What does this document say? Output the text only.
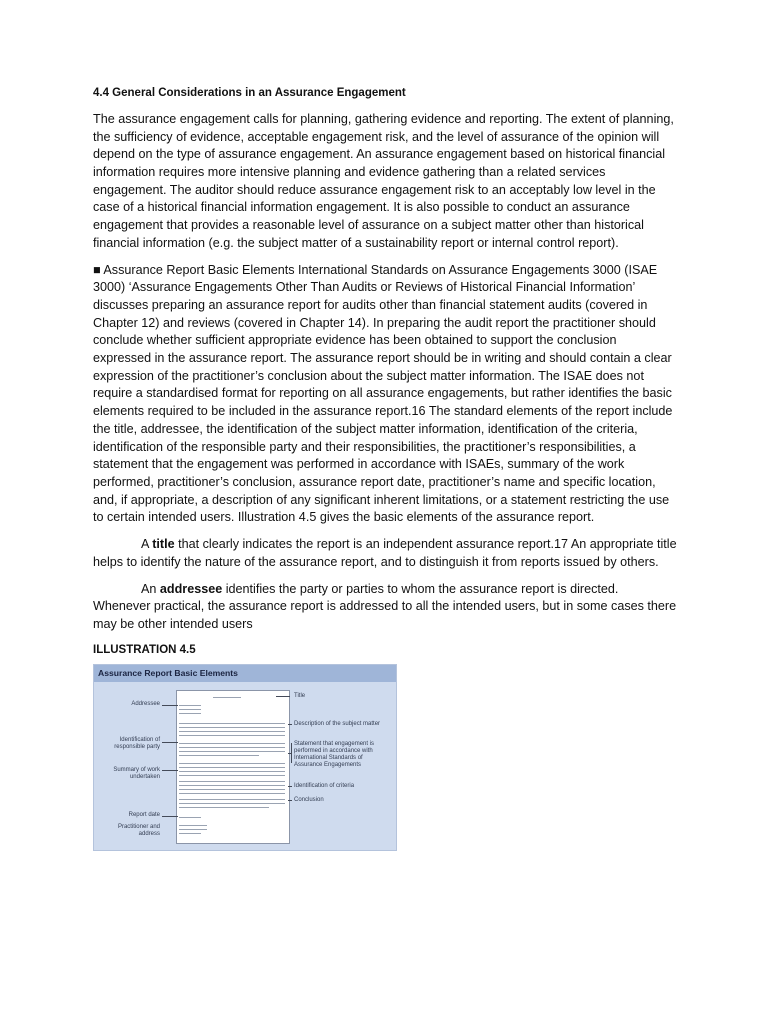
4.4 General Considerations in an Assurance Engagement

The assurance engagement calls for planning, gathering evidence and reporting. The extent of planning, the sufficiency of evidence, acceptable engagement risk, and the level of assurance of the opinion will depend on the type of assurance engagement. An assurance engagement based on historical financial information requires more intensive planning and evidence gathering than a related services engagement. The auditor should reduce assurance engagement risk to an acceptably low level in the case of a historical financial information engagement. It is also possible to conduct an assurance engagement that provides a reasonable level of assurance on a subject matter other than historical financial information (e.g. the subject matter of a sustainability report or internal control report).

■ Assurance Report Basic Elements International Standards on Assurance Engagements 3000 (ISAE 3000) ‘Assurance Engagements Other Than Audits or Reviews of Historical Financial Information’ discusses preparing an assurance report for audits other than financial statement audits (covered in Chapter 12) and reviews (covered in Chapter 14). In preparing the audit report the practitioner should conclude whether sufficient appropriate evidence has been obtained to support the conclusion expressed in the assurance report. The assurance report should be in writing and should contain a clear expression of the practitioner’s conclusion about the subject matter information. The ISAE does not require a standardised format for reporting on all assurance engagements, but rather identifies the basic elements required to be included in the assurance report.16 The standard elements of the report include the title, addressee, the identification of the subject matter information, identification of the criteria, identification of the responsible party and their responsibilities, the practitioner’s responsibilities, a statement that the engagement was performed in accordance with ISAEs, summary of the work performed, practitioner’s conclusion, assurance report date, practitioner’s name and specific location, and, if appropriate, a description of any significant inherent limitations, or a statement restricting the use to certain intended users. Illustration 4.5 gives the basic elements of the assurance report.

A title that clearly indicates the report is an independent assurance report.17 An appropriate title helps to identify the nature of the assurance report, and to distinguish it from reports issued by others.

An addressee identifies the party or parties to whom the assurance report is directed. Whenever practical, the assurance report is addressed to all the intended users, but in some cases there may be other intended users

ILLUSTRATION 4.5
Assurance Report Basic Elements
Addressee
Identification of responsible party
Summary of work undertaken
Report date
Practitioner and address
Title
Description of the subject matter
Statement that engagement is performed in accordance with International Standards of Assurance Engagements
Identification of criteria
Conclusion
